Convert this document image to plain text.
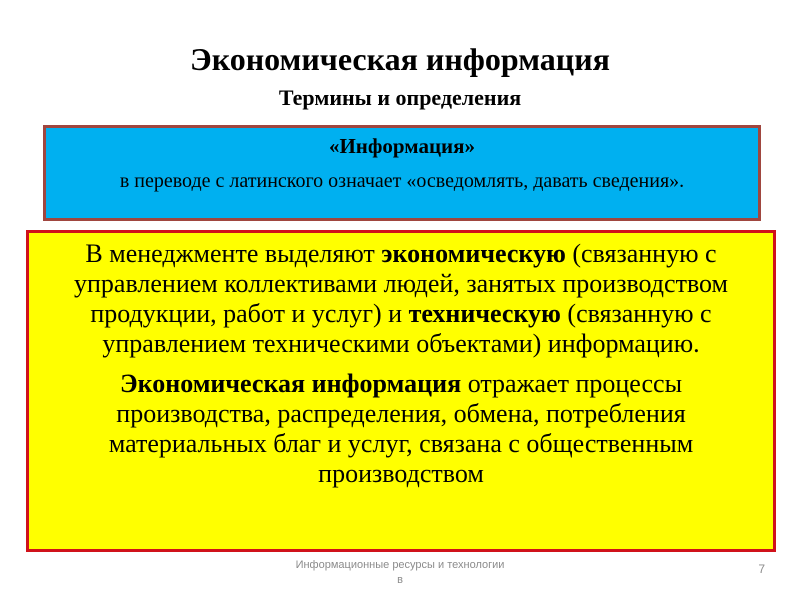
Экономическая информация
Термины и определения
«Информация»
в переводе с латинского означает «осведомлять, давать сведения».

В менеджменте выделяют экономическую (связанную с управлением коллективами людей, занятых производством продукции, работ и услуг) и техническую (связанную с управлением техническими объектами) информацию.

Экономическая информация отражает процессы производства, распределения, обмена, потребления материальных благ и услуг, связана с общественным производством

Информационные ресурсы и технологии
в
7
